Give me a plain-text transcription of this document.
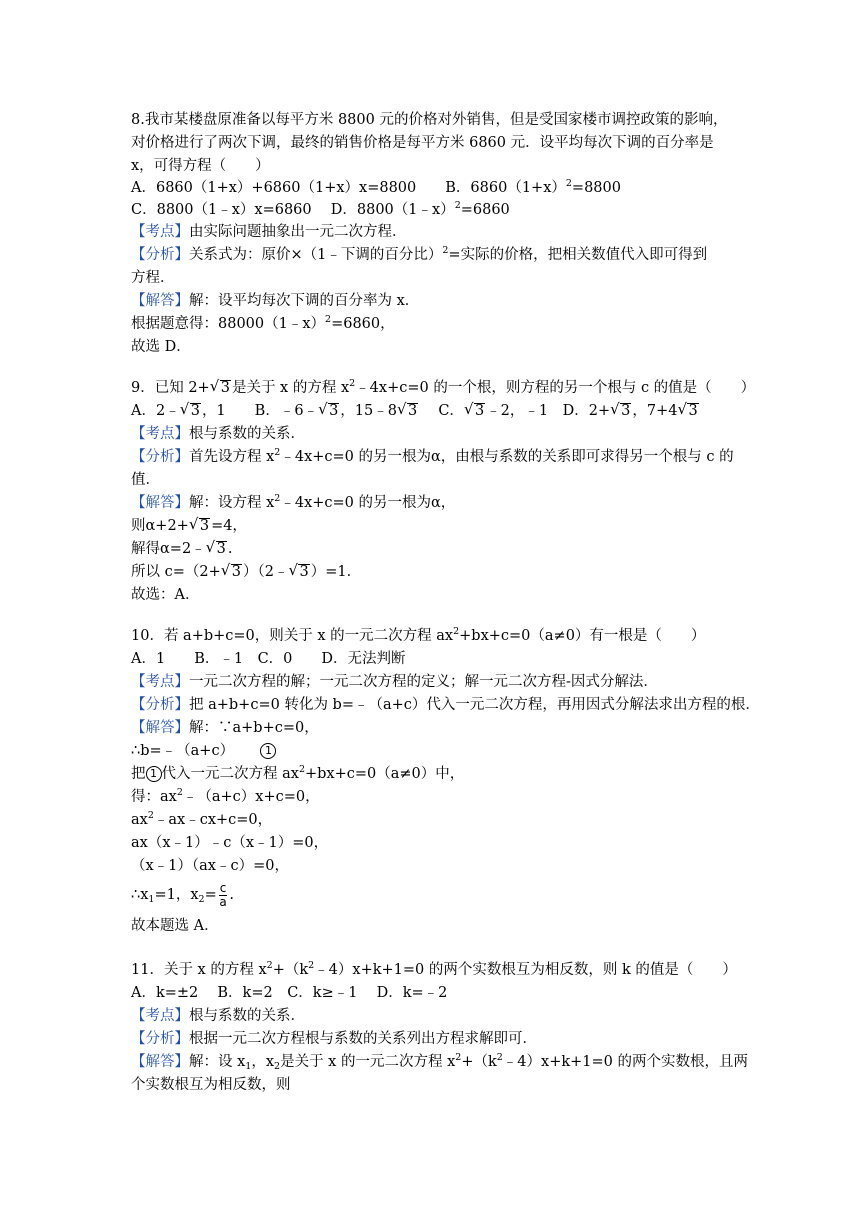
8.我市某楼盘原准备以每平方米 8800 元的价格对外销售，但是受国家楼市调控政策的影响，
对价格进行了两次下调，最终的销售价格是每平方米 6860 元．设平均每次下调的百分率是
x，可得方程（　　）
A．6860（1+x）+6860（1+x）x=8800　　 B．$6860(1+x)^2=8800$
C．8800（1﹣x）x=6860　 D．8800（1﹣x）$^2$=6860
【考点】由实际问题抽象出一元二次方程．
【分析】关系式为：原价×（1﹣下调的百分比）$^2$=实际的价格，把相关数值代入即可得到
方程．
【解答】解：设平均每次下调的百分率为 x．
根据题意得：88000（1﹣x）$^2$=6860，
故选 D．
9．已知 2+ √ 3 是关于 x 的方程 $x^2﹣4x+c=0$ 的一个根，则方程的另一个根与 c 的值是（　　）
A．2﹣ √ 3 ，1　　 B．﹣6﹣ √ 3 ，15﹣8 √ 3　 C． √ 3 ﹣2，﹣1　 D．2+ √ 3 ，7+4 √ 3
【考点】根与系数的关系．
【分析】首先设方程 $x^2﹣4x+c=0$ 的另一根为α，由根与系数的关系即可求得另一个根与 c 的
值．
【解答】解：设方程 $x^2﹣4x+c=0$ 的另一根为α，
则α+2+ √ 3 =4，
解得α=2﹣ √ 3 .
所以 c=（2+ √ 3 ）（2﹣ √ 3 ）=1．
故选：A．
10．若 a+b+c=0，则关于 x 的一元二次方程 $ax^2+bx+c=0(a\ne 0)$有一根是（　　）
A．1　　B．﹣1　C．0　　D．无法判断
【考点】一元二次方程的解；一元二次方程的定义；解一元二次方程-因式分解法．
【分析】把 a+b+c=0 转化为 b=﹣（a+c）代入一元二次方程，再用因式分解法求出方程的根．
【解答】解：∵a+b+c=0，
∴b=﹣（a+c）　　	1
把 1 代入一元二次方程 $ax^2+bx+c=0(a\ne 0)$中，
得：$ax^2﹣(a+c)x+c=0$，
$ax^2﹣ax﹣cx+c=0$，
ax（x﹣1）﹣c（x﹣1）=0，
（x﹣1）（ax﹣c）=0，
$\therefore x_1=1$，$x_2= \frac{c}{a}$ .
故本题选 A．
11．关于 x 的方程 $x^2+(k^2﹣4)x+k+1=0$ 的两个实数根互为相反数，则 k 的值是（　　）
A．k=±2　 B．k=2　C．k≥﹣1　 D．k=﹣2
【考点】根与系数的关系．
【分析】根据一元二次方程根与系数的关系列出方程求解即可．
【解答】解：设 $x_1$，$x_2$是关于 x 的一元二次方程 $x^2+(k^2﹣4)x+k+1=0$ 的两个实数根，且两
个实数根互为相反数，则
